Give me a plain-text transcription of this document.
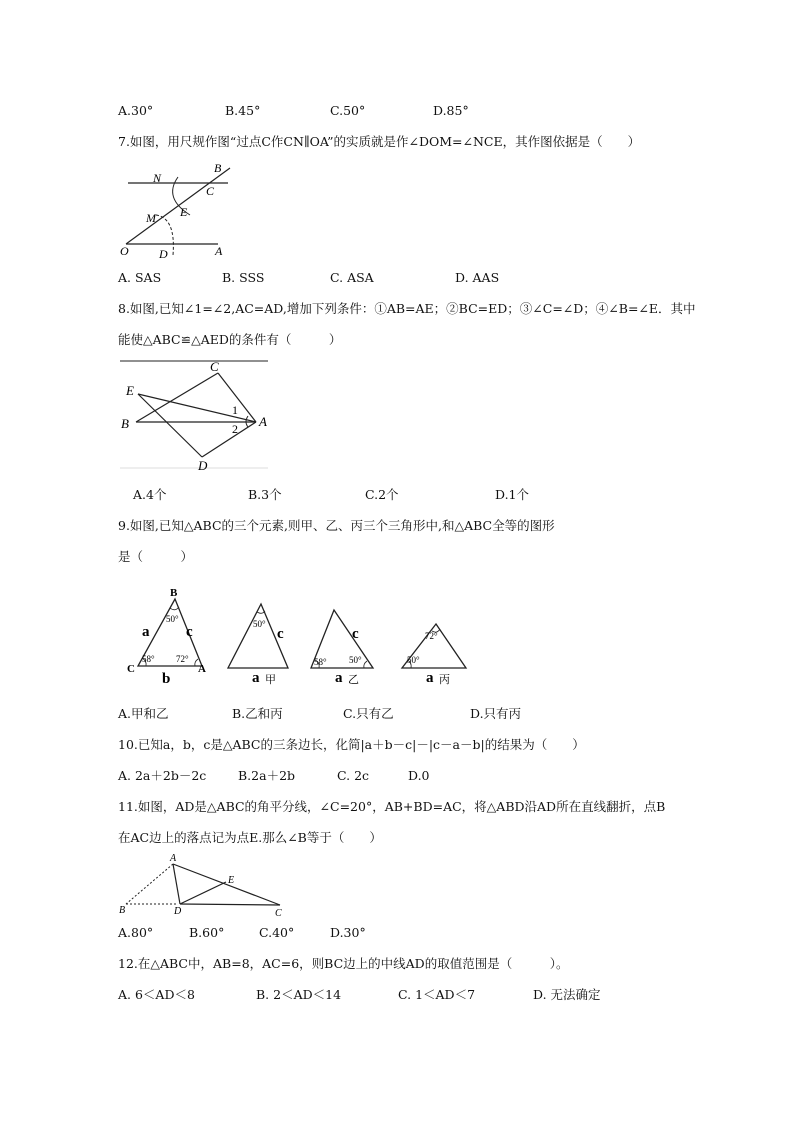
A.30°	B.45°	C.50°	D.85°
7.如图，用尺规作图“过点C作CN∥OA”的实质就是作∠DOM=∠NCE，其作图依据是（　　）
B
N
C
E
M
O	D	A
A. SAS	B. SSS	C. ASA	D. AAS
8.如图,已知∠1=∠2,AC=AD,增加下列条件：①AB=AE；②BC=ED；③∠C=∠D；④∠B=∠E．其中
能使△ABC≌△AED的条件有（　　　）
C
E
B	A
D
1
2
A.4个	B.3个	C.2个	D.1个
9.如图,已知△ABC的三个元素,则甲、乙、丙三个三角形中,和△ABC全等的图形
是（　　　）
B
C	A
a c
b
50°
58° 72°
50°
c
a 甲
58° 50°
c
a 乙
72°
50°
a 丙
A.甲和乙	B.乙和丙	C.只有乙	D.只有丙
10.已知a，b，c是△ABC的三条边长，化简|a＋b－c|－|c－a－b|的结果为（　　）
A. 2a＋2b－2c	B.2a＋2b	C. 2c	D.0
11.如图，AD是△ABC的角平分线，∠C=20°，AB+BD=AC，将△ABD沿AD所在直线翻折，点B
在AC边上的落点记为点E.那么∠B等于（　　）
A
E
B	D	C
A.80°	B.60°	C.40°	D.30°
12.在△ABC中，AB=8，AC=6，则BC边上的中线AD的取值范围是（　　　）。
A. 6＜AD＜8	B. 2＜AD＜14	C. 1＜AD＜7	D. 无法确定
